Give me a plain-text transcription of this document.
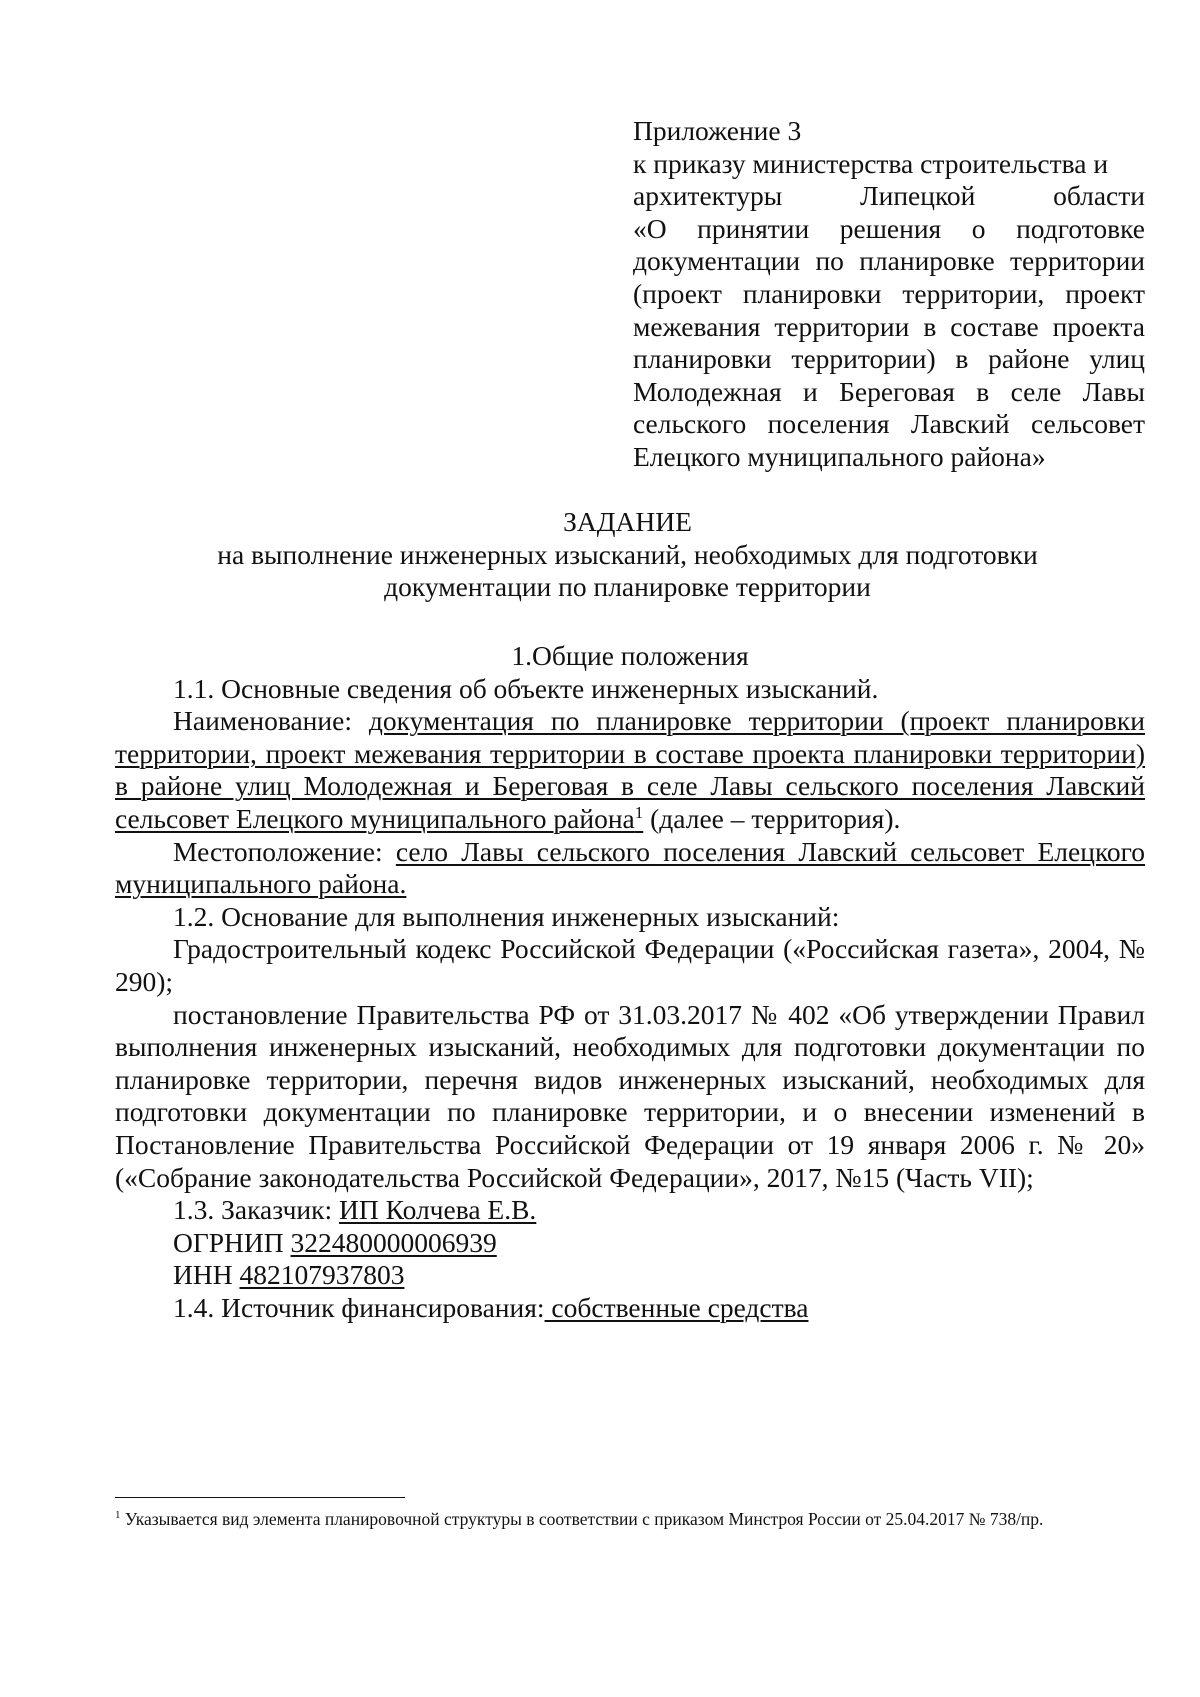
Приложение 3
к приказу министерства строительства и
архитектуры Липецкой области
«О принятии решения о подготовке
документации по планировке территории
(проект планировки территории, проект
межевания территории в составе проекта
планировки территории) в районе улиц
Молодежная и Береговая в селе Лавы
сельского поселения Лавский сельсовет
Елецкого муниципального района»
ЗАДАНИЕ
на выполнение инженерных изысканий, необходимых для подготовки
документации по планировке территории
1.Общие положения

1.1. Основные сведения об объекте инженерных изысканий.

Наименование: документация по планировке территории (проект планировки территории, проект межевания территории в составе проекта планировки территории) в районе улиц Молодежная и Береговая в селе Лавы сельского поселения Лавский сельсовет Елецкого муниципального района$^1$ (далее – территория).

Местоположение: село Лавы сельского поселения Лавский сельсовет Елецкого муниципального района.

1.2. Основание для выполнения инженерных изысканий:

Градостроительный кодекс Российской Федерации («Российская газета», 2004, № 290);

постановление Правительства РФ от 31.03.2017 № 402 «Об утверждении Правил выполнения инженерных изысканий, необходимых для подготовки документации по планировке территории, перечня видов инженерных изысканий, необходимых для подготовки документации по планировке территории, и о внесении изменений в Постановление Правительства Российской Федерации от 19 января 2006 г. № 20» («Собрание законодательства Российской Федерации», 2017, №15 (Часть VII);

1.3. Заказчик: ИП Колчева Е.В.

ОГРНИП 322480000006939

ИНН 482107937803

1.4. Источник финансирования: собственные средства

$^1$ Указывается вид элемента планировочной структуры в соответствии с приказом Минстроя России от 25.04.2017 № 738/пр.
